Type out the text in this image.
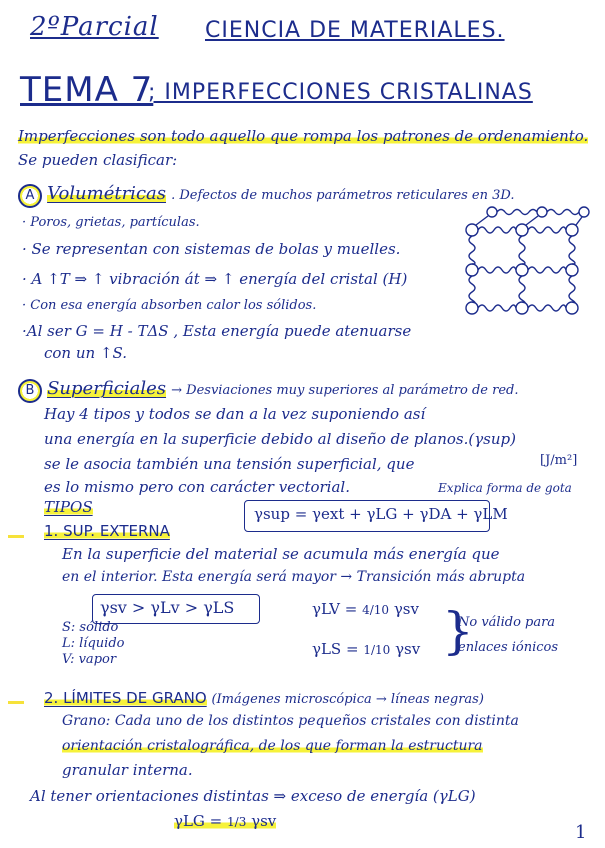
2ºParcial CIENCIA DE MATERIALES.
TEMA 7
; IMPERFECCIONES CRISTALINAS
Imperfecciones son todo aquello que rompa los patrones de ordenamiento.
Se pueden clasificar:
A Volumétricas . Defectos de muchos parámetros reticulares en 3D.
· Poros, grietas, partículas.
· Se representan con sistemas de bolas y muelles.
· A ↑T ⇒ ↑ vibración át ⇒ ↑ energía del cristal (H)
· Con esa energía absorben calor los sólidos.
·Al ser G = H - TΔS , Esta energía puede atenuarse
con un ↑S.
B Superficiales → Desviaciones muy superiores al parámetro de red.
Hay 4 tipos y todos se dan a la vez suponiendo así
una energía en la superficie debido al diseño de planos.(γsup)
se le asocia también una tensión superficial, que	[J/m²]
es lo mismo pero con carácter vectorial.	Explica forma de gota
TIPOS	γsup = γext + γLG + γDA + γLM
1. SUP. EXTERNA
En la superficie del material se acumula más energía que
en el interior. Esta energía será mayor → Transición más abrupta
γsv > γLv > γLS	γLV = 4/10 γsv
γLS = 1/10 γsv }
No válido para
enlaces iónicos
S: sólido
L: líquido
V: vapor
2. LÍMITES DE GRANO (Imágenes microscópica → líneas negras)
Grano: Cada uno de los distintos pequeños cristales con distinta
orientación cristalográfica, de los que forman la estructura
granular interna.
Al tener orientaciones distintas ⇒ exceso de energía (γLG)
γLG = 1/3 γsv
1
